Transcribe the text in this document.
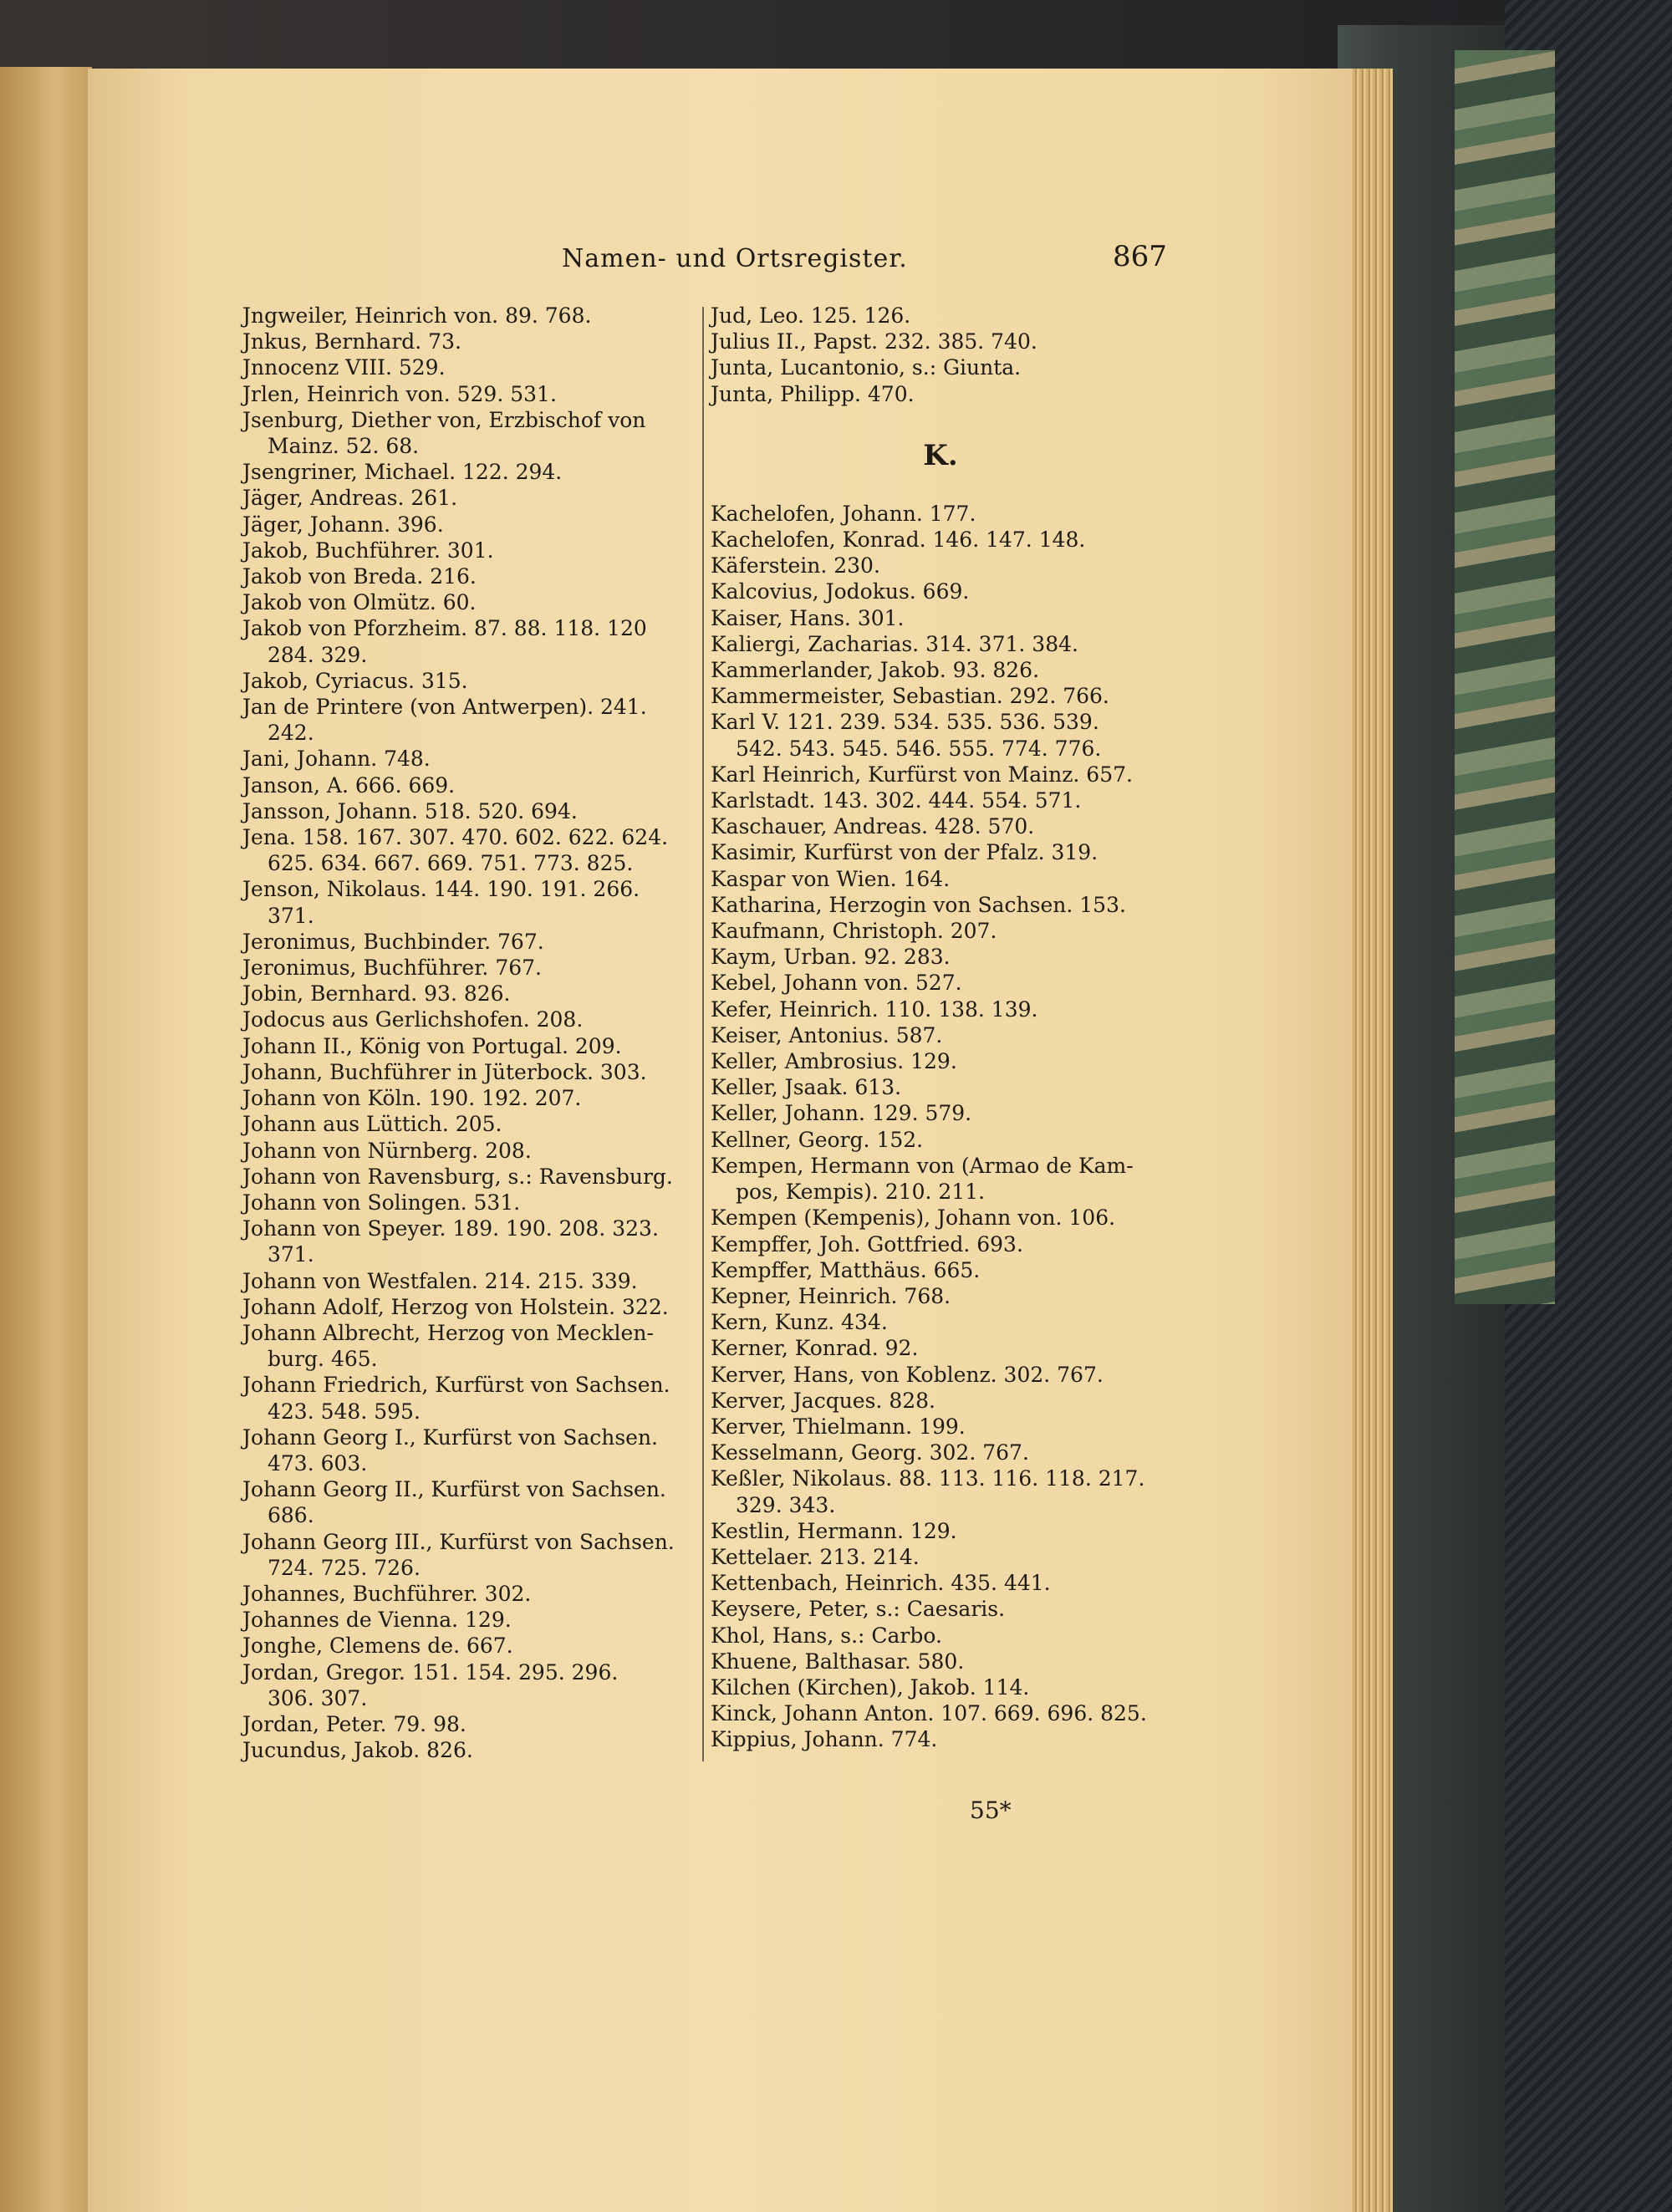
Namen- und Ortsregister.	867
Jngweiler, Heinrich von. 89. 768.
Jnkus, Bernhard. 73.
Jnnocenz VIII. 529.
Jrlen, Heinrich von. 529. 531.
Jsenburg, Diether von, Erzbischof von
Mainz. 52. 68.
Jsengriner, Michael. 122. 294.
Jäger, Andreas. 261.
Jäger, Johann. 396.
Jakob, Buchführer. 301.
Jakob von Breda. 216.
Jakob von Olmütz. 60.
Jakob von Pforzheim. 87. 88. 118. 120
284. 329.
Jakob, Cyriacus. 315.
Jan de Printere (von Antwerpen). 241.
242.
Jani, Johann. 748.
Janson, A. 666. 669.
Jansson, Johann. 518. 520. 694.
Jena. 158. 167. 307. 470. 602. 622. 624.
625. 634. 667. 669. 751. 773. 825.
Jenson, Nikolaus. 144. 190. 191. 266.
371.
Jeronimus, Buchbinder. 767.
Jeronimus, Buchführer. 767.
Jobin, Bernhard. 93. 826.
Jodocus aus Gerlichshofen. 208.
Johann II., König von Portugal. 209.
Johann, Buchführer in Jüterbock. 303.
Johann von Köln. 190. 192. 207.
Johann aus Lüttich. 205.
Johann von Nürnberg. 208.
Johann von Ravensburg, s.: Ravensburg.
Johann von Solingen. 531.
Johann von Speyer. 189. 190. 208. 323.
371.
Johann von Westfalen. 214. 215. 339.
Johann Adolf, Herzog von Holstein. 322.
Johann Albrecht, Herzog von Mecklen-
burg. 465.
Johann Friedrich, Kurfürst von Sachsen.
423. 548. 595.
Johann Georg I., Kurfürst von Sachsen.
473. 603.
Johann Georg II., Kurfürst von Sachsen.
686.
Johann Georg III., Kurfürst von Sachsen.
724. 725. 726.
Johannes, Buchführer. 302.
Johannes de Vienna. 129.
Jonghe, Clemens de. 667.
Jordan, Gregor. 151. 154. 295. 296.
306. 307.
Jordan, Peter. 79. 98.
Jucundus, Jakob. 826.
Jud, Leo. 125. 126.
Julius II., Papst. 232. 385. 740.
Junta, Lucantonio, s.: Giunta.
Junta, Philipp. 470.
K.
Kachelofen, Johann. 177.
Kachelofen, Konrad. 146. 147. 148.
Käferstein. 230.
Kalcovius, Jodokus. 669.
Kaiser, Hans. 301.
Kaliergi, Zacharias. 314. 371. 384.
Kammerlander, Jakob. 93. 826.
Kammermeister, Sebastian. 292. 766.
Karl V. 121. 239. 534. 535. 536. 539.
542. 543. 545. 546. 555. 774. 776.
Karl Heinrich, Kurfürst von Mainz. 657.
Karlstadt. 143. 302. 444. 554. 571.
Kaschauer, Andreas. 428. 570.
Kasimir, Kurfürst von der Pfalz. 319.
Kaspar von Wien. 164.
Katharina, Herzogin von Sachsen. 153.
Kaufmann, Christoph. 207.
Kaym, Urban. 92. 283.
Kebel, Johann von. 527.
Kefer, Heinrich. 110. 138. 139.
Keiser, Antonius. 587.
Keller, Ambrosius. 129.
Keller, Jsaak. 613.
Keller, Johann. 129. 579.
Kellner, Georg. 152.
Kempen, Hermann von (Armao de Kam-
pos, Kempis). 210. 211.
Kempen (Kempenis), Johann von. 106.
Kempffer, Joh. Gottfried. 693.
Kempffer, Matthäus. 665.
Kepner, Heinrich. 768.
Kern, Kunz. 434.
Kerner, Konrad. 92.
Kerver, Hans, von Koblenz. 302. 767.
Kerver, Jacques. 828.
Kerver, Thielmann. 199.
Kesselmann, Georg. 302. 767.
Keßler, Nikolaus. 88. 113. 116. 118. 217.
329. 343.
Kestlin, Hermann. 129.
Kettelaer. 213. 214.
Kettenbach, Heinrich. 435. 441.
Keysere, Peter, s.: Caesaris.
Khol, Hans, s.: Carbo.
Khuene, Balthasar. 580.
Kilchen (Kirchen), Jakob. 114.
Kinck, Johann Anton. 107. 669. 696. 825.
Kippius, Johann. 774.
55*
